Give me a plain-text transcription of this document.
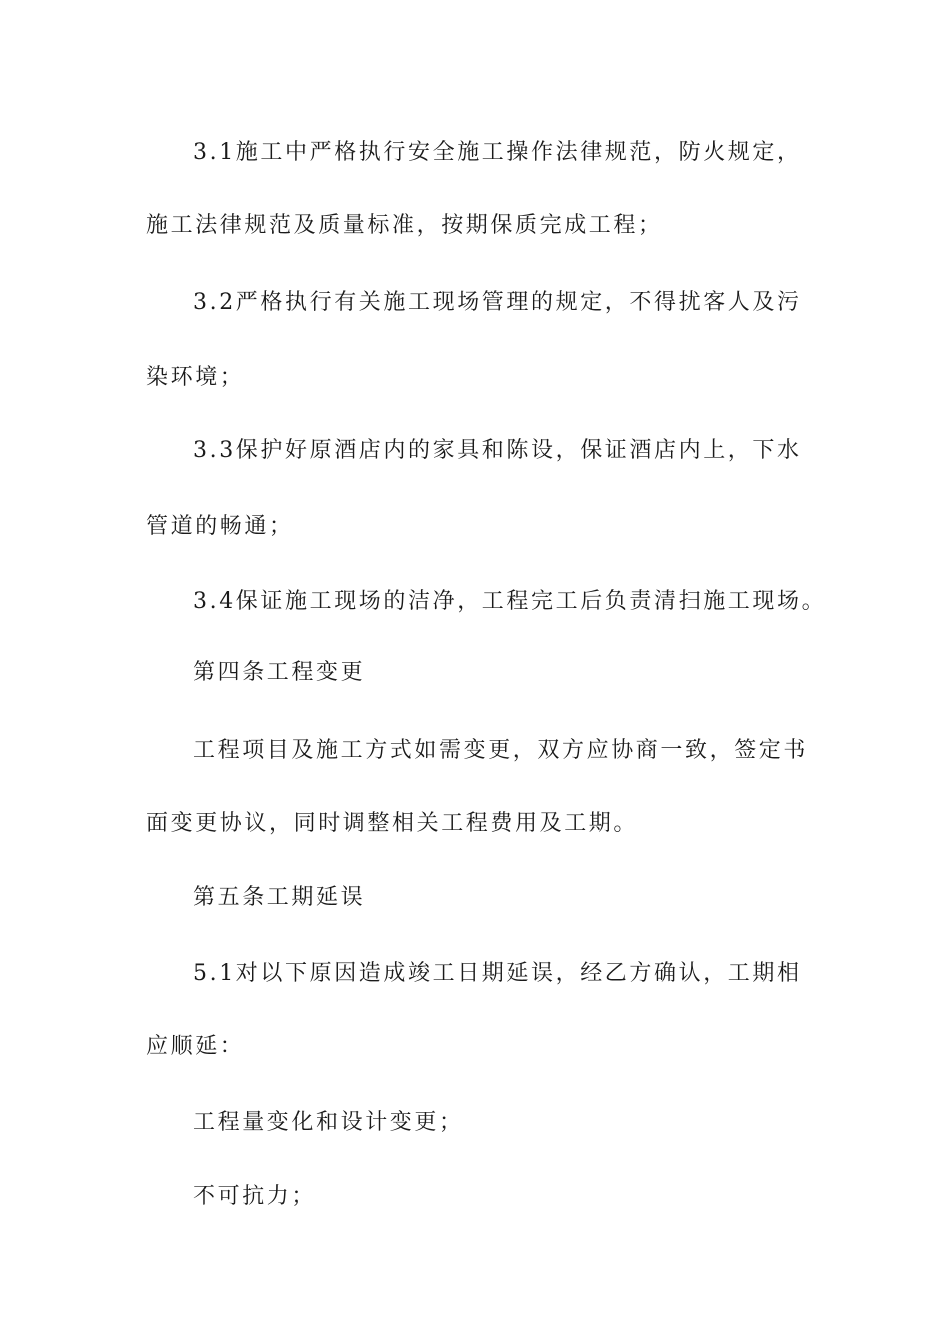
3.1施工中严格执行安全施工操作法律规范，防火规定，
施工法律规范及质量标准，按期保质完成工程；
3.2严格执行有关施工现场管理的规定，不得扰客人及污
染环境；
3.3保护好原酒店内的家具和陈设，保证酒店内上，下水
管道的畅通；
3.4保证施工现场的洁净，工程完工后负责清扫施工现场。
第四条工程变更
工程项目及施工方式如需变更，双方应协商一致，签定书
面变更协议，同时调整相关工程费用及工期。
第五条工期延误
5.1对以下原因造成竣工日期延误，经乙方确认，工期相
应顺延：
工程量变化和设计变更；
不可抗力；
